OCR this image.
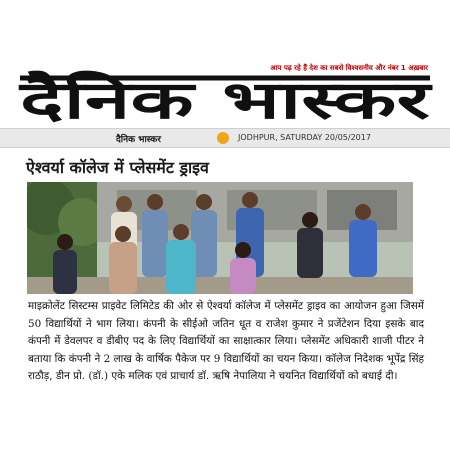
आप पढ़ रहे हैं देश का सबसे विश्वसनीय और नंबर 1 अख़बार
दैनिक भास्कर
दैनिक भास्कर	JODHPUR, SATURDAY 20/05/2017
ऐश्वर्या कॉलेज में प्लेसमेंट ड्राइव

माइक्रोलेंट सिस्टम्स प्राइवेट लिमिटेड की ओर से ऐश्वर्या कॉलेज में प्लेसमेंट ड्राइव का आयोजन हुआ जिसमें 50 विद्यार्थियों ने भाग लिया। कंपनी के सीईओ जतिन धूत व राजेश कुमार ने प्रजेंटेशन दिया इसके बाद कंपनी में डेवलपर व डीबीए पद के लिए विद्यार्थियों का साक्षात्कार लिया। प्लेसमेंट अधिकारी शाजी पीटर ने बताया कि कंपनी ने 2 लाख के वार्षिक पैकेज पर 9 विद्यार्थियों का चयन किया। कॉलेज निदेशक भूपेंद्र सिंह राठौड़, डीन प्रो. (डॉ.) एके मलिक एवं प्राचार्य डॉ. ऋषि नेपालिया ने चयनित विद्यार्थियों को बधाई दी।
